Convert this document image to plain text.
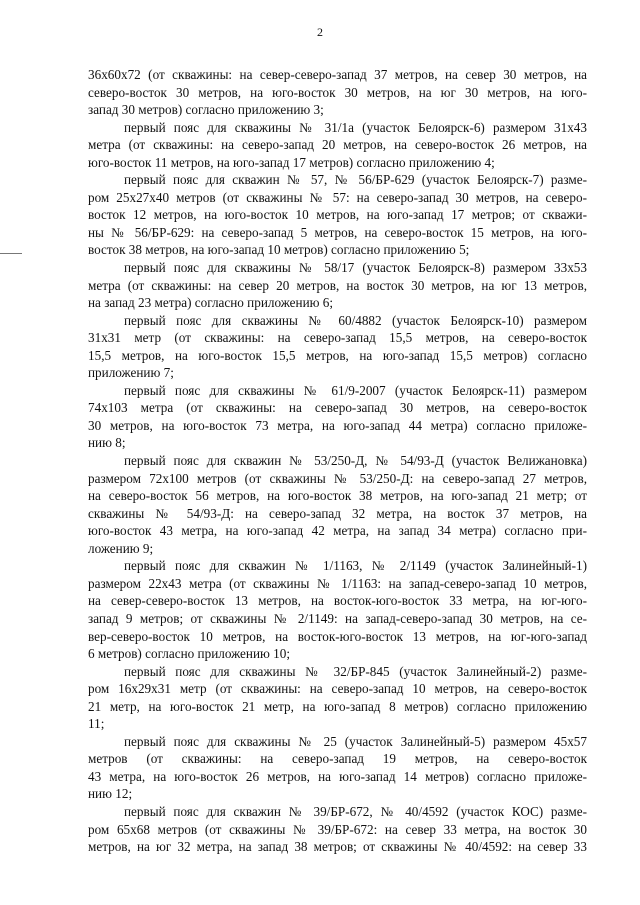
2
36x60x72 (от скважины: на север-северо-запад 37 метров, на север 30 метров, на
северо-восток 30 метров, на юго-восток 30 метров, на юг 30 метров, на юго-
запад 30 метров) согласно приложению 3;
первый пояс для скважины № 31/1а (участок Белоярск-6) размером 31x43
метра (от скважины: на северо-запад 20 метров, на северо-восток 26 метров, на
юго-восток 11 метров, на юго-запад 17 метров) согласно приложению 4;
первый пояс для скважин № 57, № 56/БР-629 (участок Белоярск-7) разме-
ром 25x27x40 метров (от скважины № 57: на северо-запад 30 метров, на северо-
восток 12 метров, на юго-восток 10 метров, на юго-запад 17 метров; от скважи-
ны № 56/БР-629: на северо-запад 5 метров, на северо-восток 15 метров, на юго-
восток 38 метров, на юго-запад 10 метров) согласно приложению 5;
первый пояс для скважины № 58/17 (участок Белоярск-8) размером 33x53
метра (от скважины: на север 20 метров, на восток 30 метров, на юг 13 метров,
на запад 23 метра) согласно приложению 6;
первый пояс для скважины № 60/4882 (участок Белоярск-10) размером
31x31 метр (от скважины: на северо-запад 15,5 метров, на северо-восток
15,5 метров, на юго-восток 15,5 метров, на юго-запад 15,5 метров) согласно
приложению 7;
первый пояс для скважины № 61/9-2007 (участок Белоярск-11) размером
74x103 метра (от скважины: на северо-запад 30 метров, на северо-восток
30 метров, на юго-восток 73 метра, на юго-запад 44 метра) согласно приложе-
нию 8;
первый пояс для скважин № 53/250-Д, № 54/93-Д (участок Велижановка)
размером 72x100 метров (от скважины № 53/250-Д: на северо-запад 27 метров,
на северо-восток 56 метров, на юго-восток 38 метров, на юго-запад 21 метр; от
скважины № 54/93-Д: на северо-запад 32 метра, на восток 37 метров, на
юго-восток 43 метра, на юго-запад 42 метра, на запад 34 метра) согласно при-
ложению 9;
первый пояс для скважин № 1/1163, № 2/1149 (участок Залинейный-1)
размером 22x43 метра (от скважины № 1/1163: на запад-северо-запад 10 метров,
на север-северо-восток 13 метров, на восток-юго-восток 33 метра, на юг-юго-
запад 9 метров; от скважины № 2/1149: на запад-северо-запад 30 метров, на се-
вер-северо-восток 10 метров, на восток-юго-восток 13 метров, на юг-юго-запад
6 метров) согласно приложению 10;
первый пояс для скважины № 32/БР-845 (участок Залинейный-2) разме-
ром 16x29x31 метр (от скважины: на северо-запад 10 метров, на северо-восток
21 метр, на юго-восток 21 метр, на юго-запад 8 метров) согласно приложению
11;
первый пояс для скважины № 25 (участок Залинейный-5) размером 45x57
метров (от скважины: на северо-запад 19 метров, на северо-восток
43 метра, на юго-восток 26 метров, на юго-запад 14 метров) согласно приложе-
нию 12;
первый пояс для скважин № 39/БР-672, № 40/4592 (участок КОС) разме-
ром 65x68 метров (от скважины № 39/БР-672: на север 33 метра, на восток 30
метров, на юг 32 метра, на запад 38 метров; от скважины № 40/4592: на север 33
